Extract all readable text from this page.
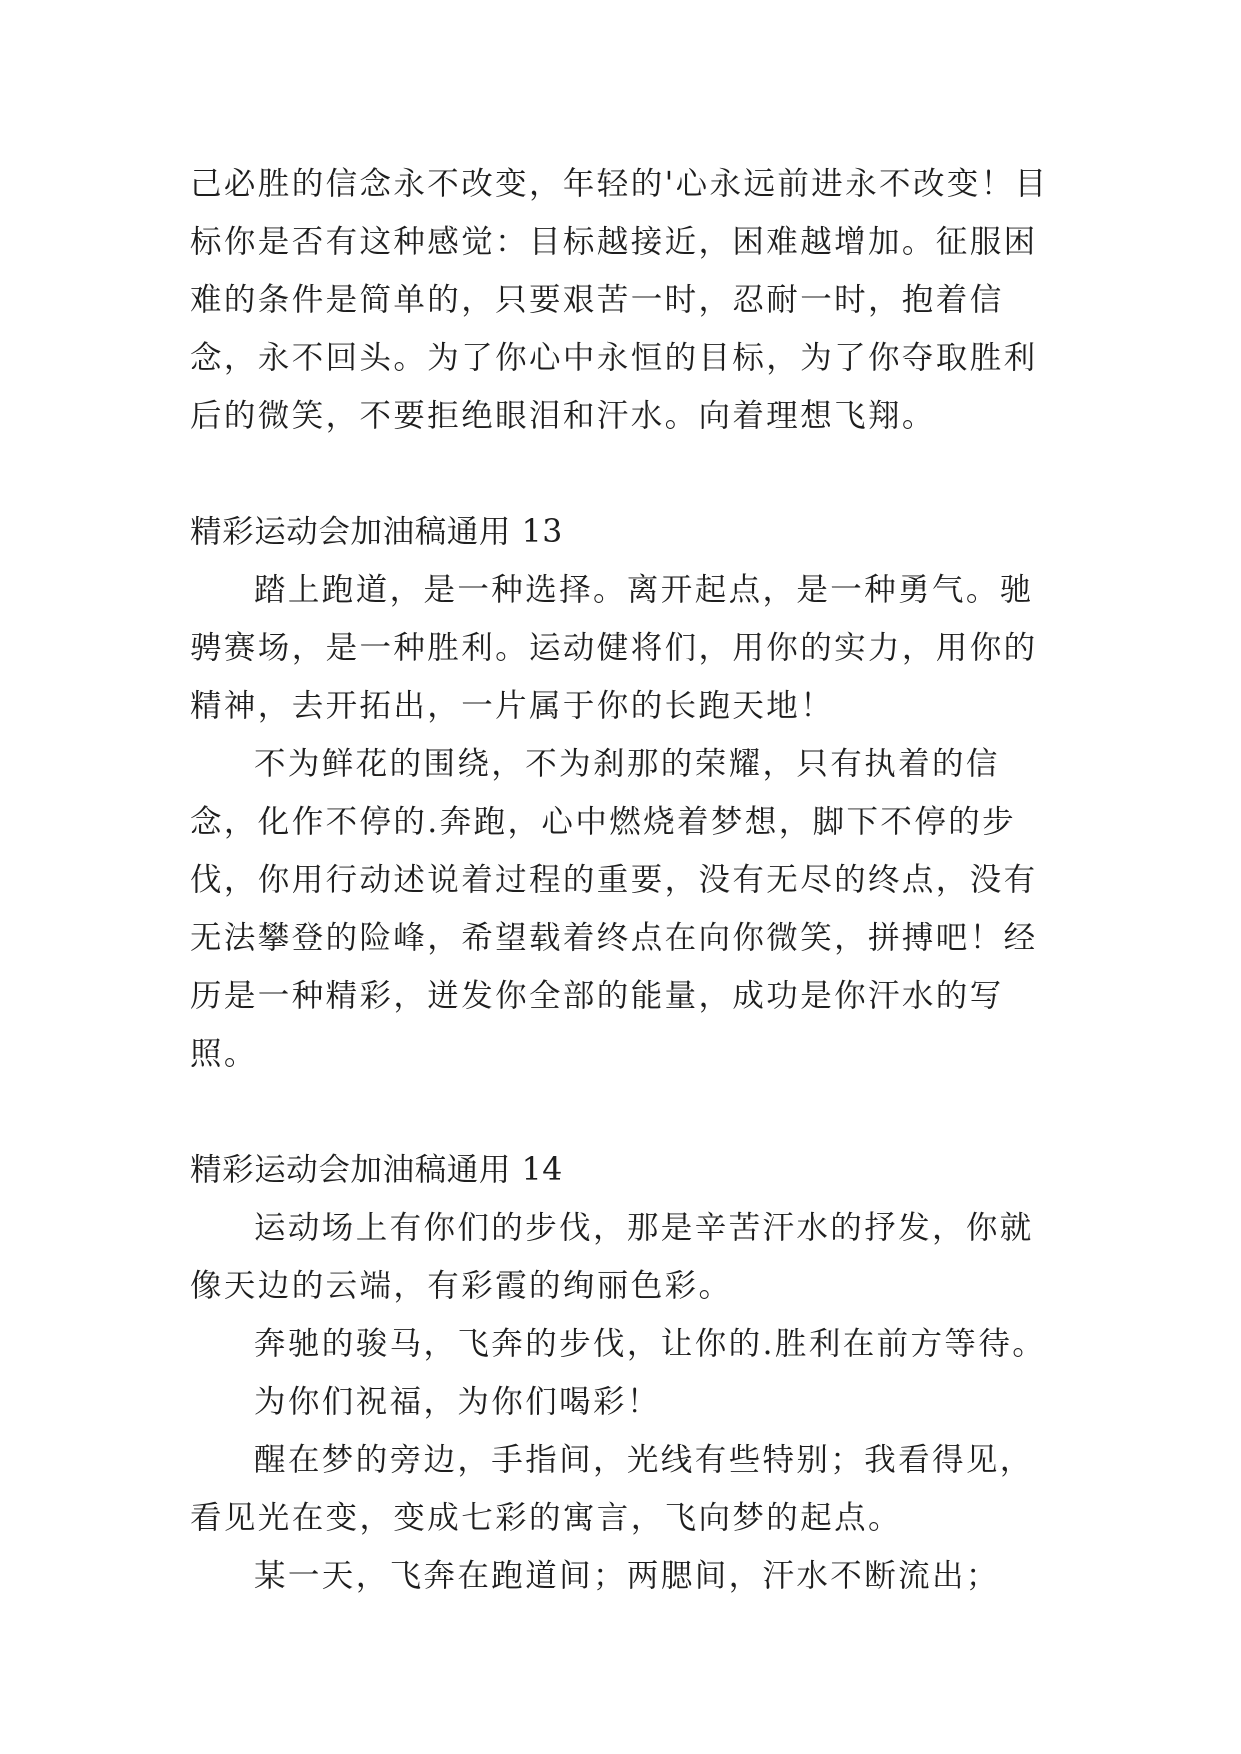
己必胜的信念永不改变，年轻的'心永远前进永不改变！目标你是否有这种感觉：目标越接近，困难越增加。征服困难的条件是简单的，只要艰苦一时，忍耐一时，抱着信念，永不回头。为了你心中永恒的目标，为了你夺取胜利后的微笑，不要拒绝眼泪和汗水。向着理想飞翔。

精彩运动会加油稿通用 13

踏上跑道，是一种选择。离开起点，是一种勇气。驰骋赛场，是一种胜利。运动健将们，用你的实力，用你的精神，去开拓出，一片属于你的长跑天地！

不为鲜花的围绕，不为刹那的荣耀，只有执着的信念，化作不停的.奔跑，心中燃烧着梦想，脚下不停的步伐，你用行动述说着过程的重要，没有无尽的终点，没有无法攀登的险峰，希望载着终点在向你微笑，拼搏吧！经历是一种精彩，迸发你全部的能量，成功是你汗水的写照。

精彩运动会加油稿通用 14

运动场上有你们的步伐，那是辛苦汗水的抒发，你就像天边的云端，有彩霞的绚丽色彩。

奔驰的骏马，飞奔的步伐，让你的.胜利在前方等待。

为你们祝福，为你们喝彩！

醒在梦的旁边，手指间，光线有些特别；我看得见，看见光在变，变成七彩的寓言，飞向梦的起点。

某一天，飞奔在跑道间；两腮间，汗水不断流出；
